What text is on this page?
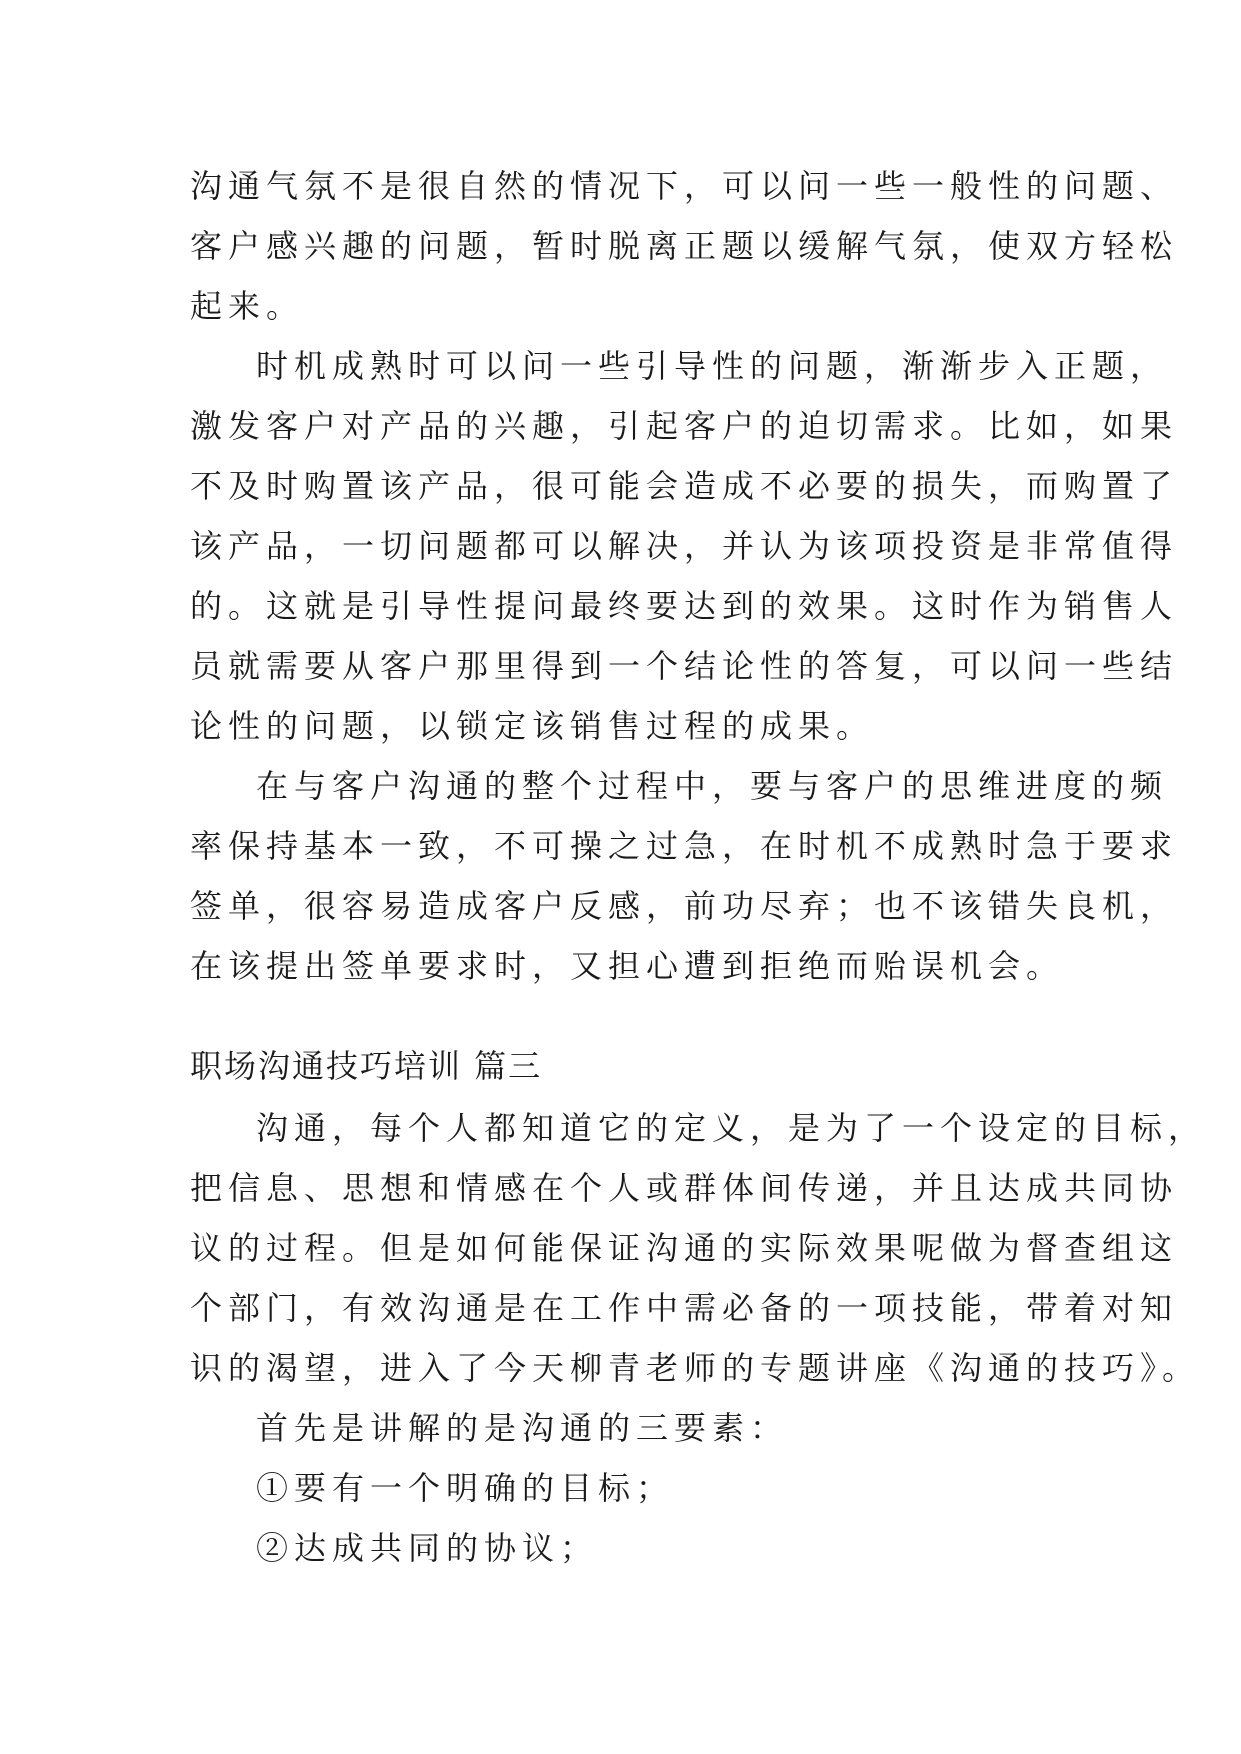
沟通气氛不是很自然的情况下，可以问一些一般性的问题、
客户感兴趣的问题，暂时脱离正题以缓解气氛，使双方轻松
起来。
时机成熟时可以问一些引导性的问题，渐渐步入正题，
激发客户对产品的兴趣，引起客户的迫切需求。比如，如果
不及时购置该产品，很可能会造成不必要的损失，而购置了
该产品，一切问题都可以解决，并认为该项投资是非常值得
的。这就是引导性提问最终要达到的效果。这时作为销售人
员就需要从客户那里得到一个结论性的答复，可以问一些结
论性的问题，以锁定该销售过程的成果。
在与客户沟通的整个过程中，要与客户的思维进度的频
率保持基本一致，不可操之过急，在时机不成熟时急于要求
签单，很容易造成客户反感，前功尽弃；也不该错失良机，
在该提出签单要求时，又担心遭到拒绝而贻误机会。
职场沟通技巧培训 篇三
沟通，每个人都知道它的定义，是为了一个设定的目标，
把信息、思想和情感在个人或群体间传递，并且达成共同协
议的过程。但是如何能保证沟通的实际效果呢做为督查组这
个部门，有效沟通是在工作中需必备的一项技能，带着对知
识的渴望，进入了今天柳青老师的专题讲座《沟通的技巧》。
首先是讲解的是沟通的三要素：
①要有一个明确的目标；
②达成共同的协议；
